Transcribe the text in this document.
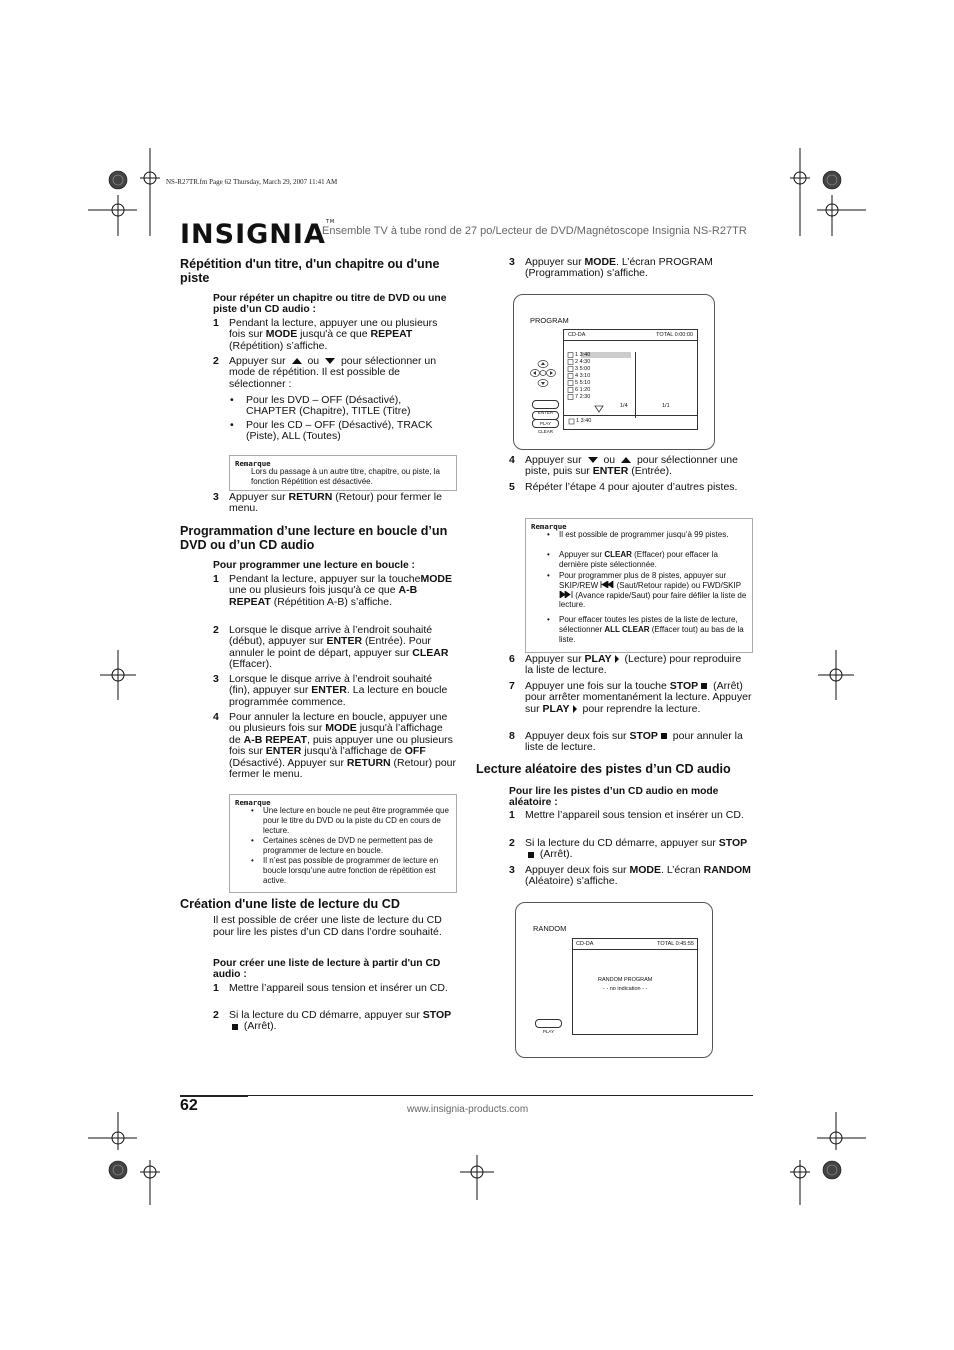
NS-R27TR.fm Page 62 Thursday, March 29, 2007 11:41 AM
INSIGNIA™
Ensemble TV à tube rond de 27 po/Lecteur de DVD/Magnétoscope Insignia NS-R27TR
Répétition d'un titre, d'un chapitre ou d'une piste
Pour répéter un chapitre ou titre de DVD ou une piste d’un CD audio :
1 Pendant la lecture, appuyer une ou plusieurs fois sur MODE jusqu'à ce que REPEAT (Répétition) s’affiche.
2 Appuyer sur  ou  pour sélectionner un mode de répétition. Il est possible de sélectionner :
• Pour les DVD – OFF (Désactivé), CHAPTER (Chapitre), TITLE (Titre)
• Pour les CD – OFF (Désactivé), TRACK (Piste), ALL (Toutes)
Remarque
Lors du passage à un autre titre, chapitre, ou piste, la fonction Répétition est désactivée.
3 Appuyer sur RETURN (Retour) pour fermer le menu.
Programmation d’une lecture en boucle d’un DVD ou d’un CD audio
Pour programmer une lecture en boucle :
1 Pendant la lecture, appuyer sur la toucheMODE une ou plusieurs fois jusqu'à ce que A-B REPEAT (Répétition A-B) s’affiche.
2 Lorsque le disque arrive à l’endroit souhaité (début), appuyer sur ENTER (Entrée). Pour annuler le point de départ, appuyer sur CLEAR (Effacer).
3 Lorsque le disque arrive à l’endroit souhaité (fin), appuyer sur ENTER. La lecture en boucle programmée commence.
4 Pour annuler la lecture en boucle, appuyer une ou plusieurs fois sur MODE jusqu'à l’affichage de A-B REPEAT, puis appuyer une ou plusieurs fois sur ENTER jusqu'à l’affichage de OFF (Désactivé). Appuyer sur RETURN (Retour) pour fermer le menu.
Remarque
• Une lecture en boucle ne peut être programmée que pour le titre du DVD ou la piste du CD en cours de lecture.
• Certaines scènes de DVD ne permettent pas de programmer de lecture en boucle.
• Il n’est pas possible de programmer de lecture en boucle lorsqu’une autre fonction de répétition est active.
Création d'une liste de lecture du CD
Il est possible de créer une liste de lecture du CD pour lire les pistes d’un CD dans l’ordre souhaité.
Pour créer une liste de lecture à partir d'un CD audio :
1 Mettre l’appareil sous tension et insérer un CD.
2 Si la lecture du CD démarre, appuyer sur STOP (Arrêt).
3 Appuyer sur MODE. L’écran PROGRAM (Programmation) s’affiche.
PROGRAM
CD-DA	TOTAL 0:00:00
1 3:40
2 4:30
3 5:00
4 3:10
5 5:10
6 1:20
7 2:30
1/4	1/1
1 3:40
ENTER
PLAY
CLEAR
4 Appuyer sur  ou  pour sélectionner une piste, puis sur ENTER (Entrée).
5 Répéter l’étape 4 pour ajouter d’autres pistes.
Remarque
• Il est possible de programmer jusqu’à 99 pistes.
• Appuyer sur CLEAR (Effacer) pour effacer la dernière piste sélectionnée.
• Pour programmer plus de 8 pistes, appuyer sur SKIP/REW  (Saut/Retour rapide) ou FWD/SKIP  (Avance rapide/Saut) pour faire défiler la liste de lecture.
• Pour effacer toutes les pistes de la liste de lecture, sélectionner ALL CLEAR (Effacer tout) au bas de la liste.
6 Appuyer sur PLAY (Lecture) pour reproduire la liste de lecture.
7 Appuyer une fois sur la touche STOP (Arrêt) pour arrêter momentanément la lecture. Appuyer sur PLAY pour reprendre la lecture.
8 Appuyer deux fois sur STOP pour annuler la liste de lecture.
Lecture aléatoire des pistes d’un CD audio
Pour lire les pistes d’un CD audio en mode aléatoire :
1 Mettre l’appareil sous tension et insérer un CD.
2 Si la lecture du CD démarre, appuyer sur STOP (Arrêt).
3 Appuyer deux fois sur MODE. L’écran RANDOM (Aléatoire) s’affiche.
RANDOM
CD-DA	TOTAL 0:45:55
RANDOM PROGRAM
- - no indication - -
PLAY
62	www.insignia-products.com
